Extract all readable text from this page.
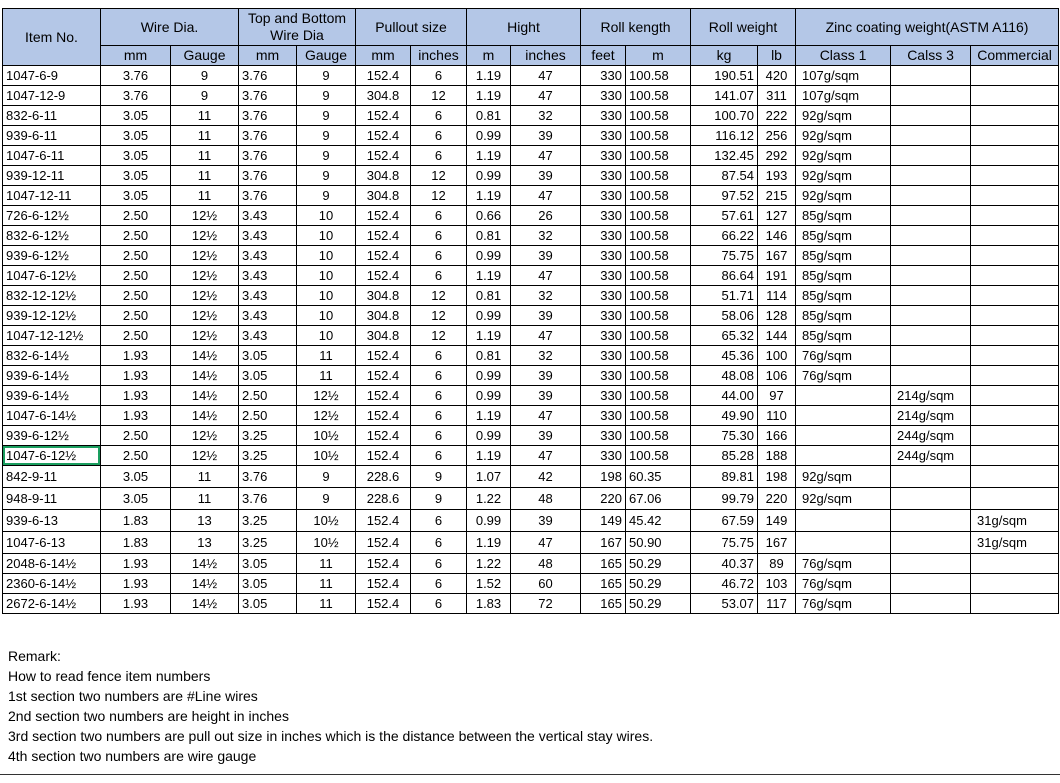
Item No.	Wire Dia.		Top and Bottom Wire Dia		Pullout size		Hight		Roll kength		Roll weight		Zinc coating weight(ASTM A116)		
	mm	Gauge	mm	Gauge	mm	inches	m	inches	feet	m	kg	lb	Class 1	Calss 3	Commercial
1047-6-9	3.76	9	3.76	9	152.4	6	1.19	47	330	100.58	190.51	420	107g/sqm		
1047-12-9	3.76	9	3.76	9	304.8	12	1.19	47	330	100.58	141.07	311	107g/sqm		
832-6-11	3.05	11	3.76	9	152.4	6	0.81	32	330	100.58	100.70	222	92g/sqm		
939-6-11	3.05	11	3.76	9	152.4	6	0.99	39	330	100.58	116.12	256	92g/sqm		
1047-6-11	3.05	11	3.76	9	152.4	6	1.19	47	330	100.58	132.45	292	92g/sqm		
939-12-11	3.05	11	3.76	9	304.8	12	0.99	39	330	100.58	87.54	193	92g/sqm		
1047-12-11	3.05	11	3.76	9	304.8	12	1.19	47	330	100.58	97.52	215	92g/sqm		
726-6-12½	2.50	12½	3.43	10	152.4	6	0.66	26	330	100.58	57.61	127	85g/sqm		
832-6-12½	2.50	12½	3.43	10	152.4	6	0.81	32	330	100.58	66.22	146	85g/sqm		
939-6-12½	2.50	12½	3.43	10	152.4	6	0.99	39	330	100.58	75.75	167	85g/sqm		
1047-6-12½	2.50	12½	3.43	10	152.4	6	1.19	47	330	100.58	86.64	191	85g/sqm		
832-12-12½	2.50	12½	3.43	10	304.8	12	0.81	32	330	100.58	51.71	114	85g/sqm		
939-12-12½	2.50	12½	3.43	10	304.8	12	0.99	39	330	100.58	58.06	128	85g/sqm		
1047-12-12½	2.50	12½	3.43	10	304.8	12	1.19	47	330	100.58	65.32	144	85g/sqm		
832-6-14½	1.93	14½	3.05	11	152.4	6	0.81	32	330	100.58	45.36	100	76g/sqm		
939-6-14½	1.93	14½	3.05	11	152.4	6	0.99	39	330	100.58	48.08	106	76g/sqm		
939-6-14½	1.93	14½	2.50	12½	152.4	6	0.99	39	330	100.58	44.00	97		214g/sqm	
1047-6-14½	1.93	14½	2.50	12½	152.4	6	1.19	47	330	100.58	49.90	110		214g/sqm	
939-6-12½	2.50	12½	3.25	10½	152.4	6	0.99	39	330	100.58	75.30	166		244g/sqm	
1047-6-12½	2.50	12½	3.25	10½	152.4	6	1.19	47	330	100.58	85.28	188		244g/sqm	
842-9-11	3.05	11	3.76	9	228.6	9	1.07	42	198	60.35	89.81	198	92g/sqm		
948-9-11	3.05	11	3.76	9	228.6	9	1.22	48	220	67.06	99.79	220	92g/sqm		
939-6-13	1.83	13	3.25	10½	152.4	6	0.99	39	149	45.42	67.59	149			31g/sqm
1047-6-13	1.83	13	3.25	10½	152.4	6	1.19	47	167	50.90	75.75	167			31g/sqm
2048-6-14½	1.93	14½	3.05	11	152.4	6	1.22	48	165	50.29	40.37	89	76g/sqm		
2360-6-14½	1.93	14½	3.05	11	152.4	6	1.52	60	165	50.29	46.72	103	76g/sqm		
2672-6-14½	1.93	14½	3.05	11	152.4	6	1.83	72	165	50.29	53.07	117	76g/sqm		
Remark:
How to read fence item numbers
1st section two numbers are #Line wires
2nd section two numbers are height in inches
3rd section two numbers are pull out size in inches which is the distance between the vertical stay wires.
4th section two numbers are wire gauge
